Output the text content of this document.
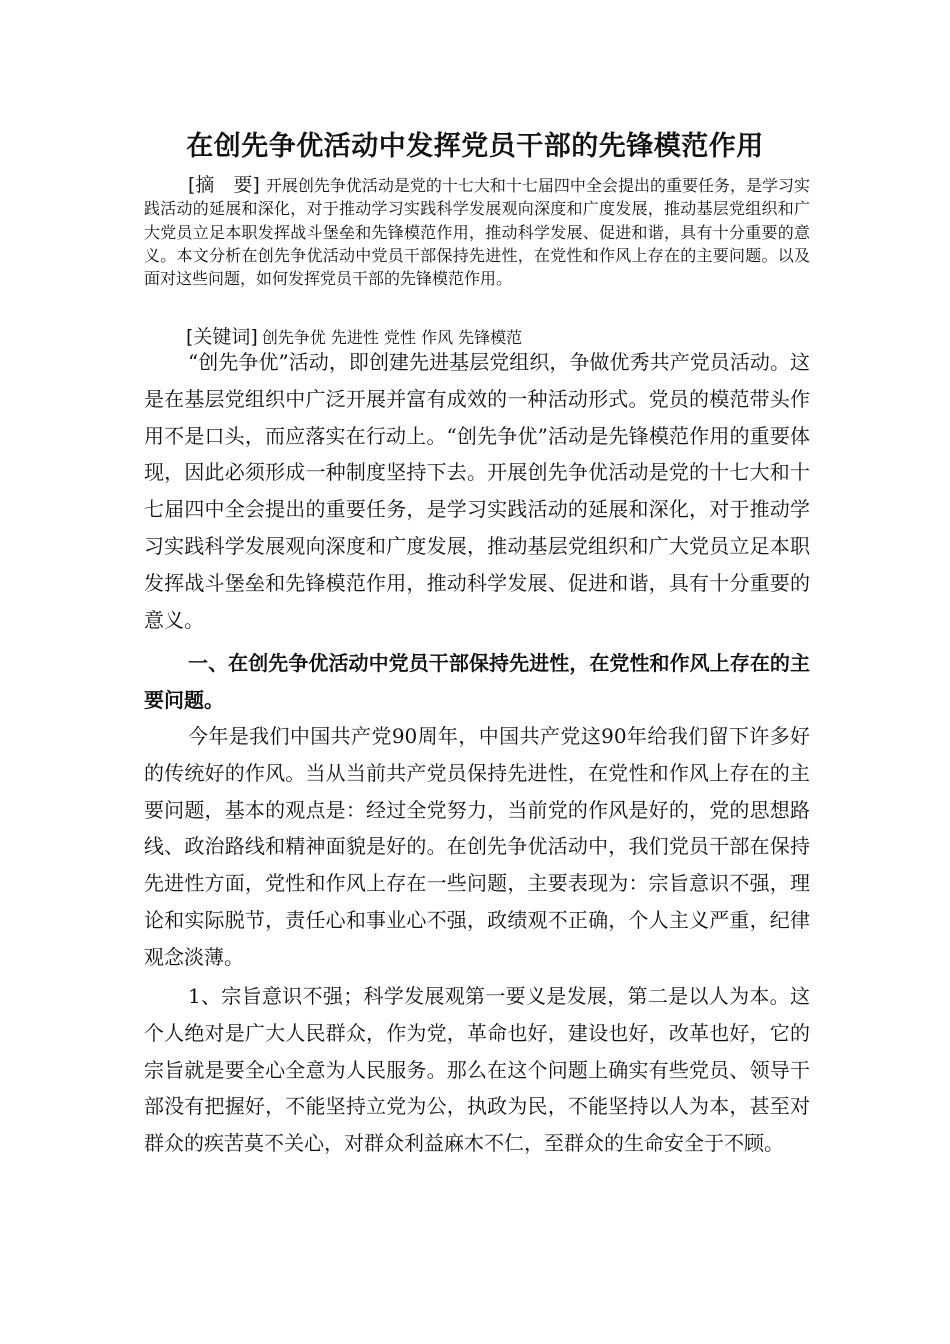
在创先争优活动中发挥党员干部的先锋模范作用

[摘　要] 开展创先争优活动是党的十七大和十七届四中全会提出的重要任务，是学习实践活动的延展和深化，对于推动学习实践科学发展观向深度和广度发展，推动基层党组织和广大党员立足本职发挥战斗堡垒和先锋模范作用，推动科学发展、促进和谐，具有十分重要的意义。本文分析在创先争优活动中党员干部保持先进性，在党性和作风上存在的主要问题。以及面对这些问题，如何发挥党员干部的先锋模范作用。

[关键词] 创先争优 先进性 党性 作风 先锋模范

“创先争优”活动，即创建先进基层党组织，争做优秀共产党员活动。这是在基层党组织中广泛开展并富有成效的一种活动形式。党员的模范带头作用不是口头，而应落实在行动上。“创先争优”活动是先锋模范作用的重要体现，因此必须形成一种制度坚持下去。开展创先争优活动是党的十七大和十七届四中全会提出的重要任务，是学习实践活动的延展和深化，对于推动学习实践科学发展观向深度和广度发展，推动基层党组织和广大党员立足本职发挥战斗堡垒和先锋模范作用，推动科学发展、促进和谐，具有十分重要的意义。

一、在创先争优活动中党员干部保持先进性，在党性和作风上存在的主要问题。

今年是我们中国共产党90周年，中国共产党这90年给我们留下许多好的传统好的作风。当从当前共产党员保持先进性，在党性和作风上存在的主要问题，基本的观点是：经过全党努力，当前党的作风是好的，党的思想路线、政治路线和精神面貌是好的。在创先争优活动中，我们党员干部在保持先进性方面，党性和作风上存在一些问题，主要表现为：宗旨意识不强，理论和实际脱节，责任心和事业心不强，政绩观不正确，个人主义严重，纪律观念淡薄。

1、宗旨意识不强；科学发展观第一要义是发展，第二是以人为本。这个人绝对是广大人民群众，作为党，革命也好，建设也好，改革也好，它的宗旨就是要全心全意为人民服务。那么在这个问题上确实有些党员、领导干部没有把握好，不能坚持立党为公，执政为民，不能坚持以人为本，甚至对群众的疾苦莫不关心，对群众利益麻木不仁，至群众的生命安全于不顾。
